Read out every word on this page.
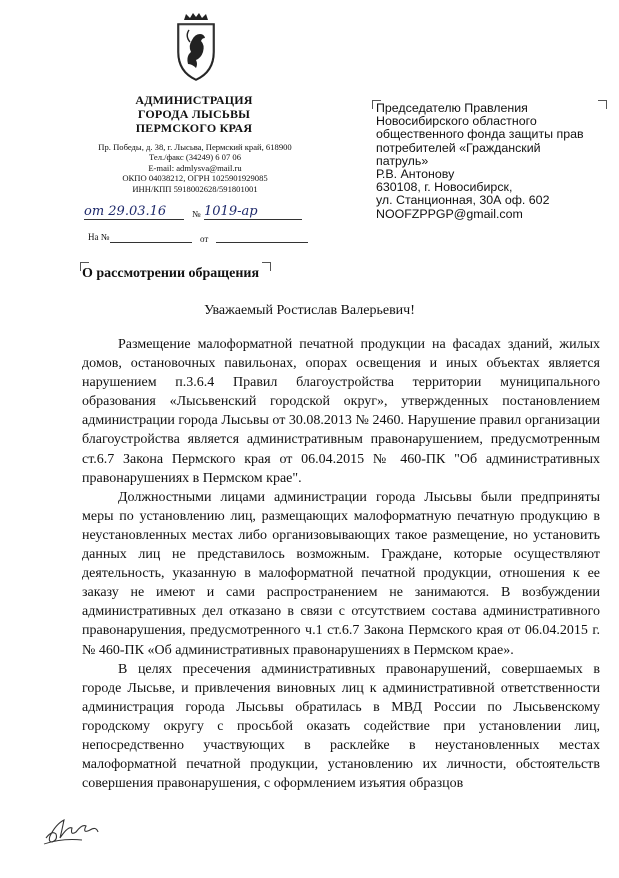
АДМИНИСТРАЦИЯ
ГОРОДА ЛЫСЬВЫ
ПЕРМСКОГО КРАЯ
Пр. Победы, д. 38, г. Лысьва, Пермский край, 618900
Тел./факс (34249) 6 07 06
E-mail: admlysva@mail.ru
ОКПО 04038212, ОГРН 1025901929085
ИНН/КПП 5918002628/591801001
от 29.03.16	№ 1019-ар
На №	от
Председателю Правления
Новосибирского областного
общественного фонда защиты прав
потребителей «Гражданский
патруль»
Р.В. Антонову
630108, г. Новосибирск,
ул. Станционная, 30А оф. 602
NOOFZPPGP@gmail.com
О рассмотрении обращения
Уважаемый Ростислав Валерьевич!

Размещение малоформатной печатной продукции на фасадах зданий, жилых домов, остановочных павильонах, опорах освещения и иных объектах является нарушением п.3.6.4 Правил благоустройства территории муниципального образования «Лысьвенский городской округ», утвержденных постановлением администрации города Лысьвы от 30.08.2013 № 2460. Нарушение правил организации благоустройства является административным правонарушением, предусмотренным ст.6.7 Закона Пермского края от 06.04.2015 № 460-ПК "Об административных правонарушениях в Пермском крае".

Должностными лицами администрации города Лысьвы были предприняты меры по установлению лиц, размещающих малоформатную печатную продукцию в неустановленных местах либо организовывающих такое размещение, но установить данных лиц не представилось возможным. Граждане, которые осуществляют деятельность, указанную в малоформатной печатной продукции, отношения к ее заказу не имеют и сами распространением не занимаются. В возбуждении административных дел отказано в связи с отсутствием состава административного правонарушения, предусмотренного ч.1 ст.6.7 Закона Пермского края от 06.04.2015 г. № 460-ПК «Об административных правонарушениях в Пермском крае».

В целях пресечения административных правонарушений, совершаемых в городе Лысьве, и привлечения виновных лиц к административной ответственности администрация города Лысьвы обратилась в МВД России по Лысьвенскому городскому округу с просьбой оказать содействие при установлении лиц, непосредственно участвующих в расклейке в неустановленных местах малоформатной печатной продукции, установлению их личности, обстоятельств совершения правонарушения, с оформлением изъятия образцов
